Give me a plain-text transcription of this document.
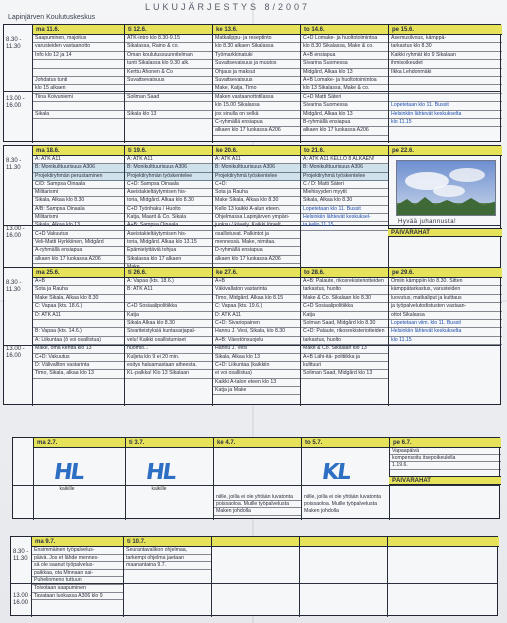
Lapinjärven Koulutuskeskus
LUKUJÄRJESTYS 8/2007
8.30 -
11.30
13.00 -
16.00
ma 11.6.
Saapuminen, majoitus
varusteiden vastaanotto
Info klo 12 ja 14

Johdatus tunti
klo 15 alkaen
Tiina Koivuniemi

Sikala
ti 12.6.
ATK-intro klo 8.30-9.15
Sikalassa, Raino & co.
Oman koulutussuunnitelman
tunti Sikalassa klo 9.30 alk.
Kerttu Ahonen & Co
Suvaitsevaisuus

Soliman Saad

Sikala klo 13
ke 13.6.
Matkalippu- ja reseptinto
klo 8.30 alkaen Sikalassa
Työmarkkinatuki
Suvaitsevaisuus ja muutos
Ohjaus ja maksut
Suvaitsevaisuus
Make, Katja, Timo
Maken vastaanottotilassa
klo 15.00 Sikalassa
jos sinulla on selkä
C-ryhmällä ensiapua
alkaen klo 17 luokassa A206
to 14.6.
C+D Lomake- ja huoltotoimintoa
klo 8.30 Sikalassa, Make & co.
A+B ensiapua
Sivarina Suomessa
Midgård, Alkaa klo 13
A+B Lomake- ja huoltotoimintoa
klo 13 Sikalassa, Make & co.
C+D Matti Säteri
Sivarina Suomessa
Midgård, Alkaa klo 13
B-ryhmällä ensiapua
alkaen klo 17 luokassa A206
pe 15.6.
Asemusilvous, kämppä-
tarkastus klo 8.30
Kaikki ryhmät klo 9 Sikalaan
ihmisoikeudet
Ilkka Lehdonmäki

Lopetetaan klo 11. Bussit
Helsinkiin lähtevät keskukselta
klo 11.15
8.30 -
11.30
13.00 -
16.00
ma 18.6.
A: ATK A11
B: Monikulttuurisuus A306
Projektiryhmän perustaminen
C/D: Sampsa Oinaala
Militarismi
Sikala, Alkaa klo 8.30
A/B: Sampsa Oinaala
Militarismi
Sikala, Alkaa klo 13
C+D Vakuutus
Veli-Matti Hyrkkiinen, Midgård
A-ryhmällä ensiapua
alkaen klo 17 luokassa A206
ti 19.6.
A: ATK A11
B: Monikulttuurisuus A306
Projektiryhmän työskentelee
C+D: Sampsa Oinaala
Aseistakieltäytymisen his-
toria, Midgård. Alkaa klo 8.30
C+D Työnhaku / Huolto
Katja, Maarit & Co. Sikala
A+B: Sampsa Oinaala
Aseistakieltäytymisen his-
toria, Midgård. Alkaa klo 13.15
Epämielyttäviä tohjua
Sikalassa klo 17 alkaen
ke 20.6.
A: ATK A11
B: Monikulttuurisuus A306
Projektiryhmä työskentelee
C+D:
Sota ja Rauha
Make Sikala, Alkaa klo 8.30
Kello 13 kaikki A-alun eteen.
Ohjelmassa Lapinjärven ympäri-
juoksu / kävely. Kaikki lörvelt
osallistuvat. Palkintot ja
mennessä. Make, nimitaa.
D-ryhmällä ensiapua
alkaen klo 17 luokassa A206
to 21.6.
A: ATK A11 KELLO 8 ALKAEN!
B: Monikulttuurisuus A306
Projektiryhmä työskentelee
C / D: Matti Säteri
Miehisyyden myytit
Sikala, Alkaa klo 8.30
Lopetetaan klo 11. Bussit
Helsinkiin lähtevät keskuksel-
ta kello 11.15
pe 22.6.
Hyvää juhannusta!
PÄIVÄRAHAT
8.30 -
11.30
13.00 -
16.00
ma 25.6.
A+B
Sota ja Rauha
Make Sikala, Alkaa klo 8.30
C: Vapaa (kts. 18.6.)
D: ATK A11

B: Vapaa (kts. 14.6.)
A: Liikuntaa (ō voi osallistua)
Make, oma kenttä klo 13
C+D: Vakuutus
D: Välivallton vastarinta
Timo, Sikala, alkaa klo 13
ti 26.6.
A: Vapaa (kts. 18.6.)
B: ATK A11

C+D Sosiaalipolitiikka
Katja
Sikala Alkaa klo 8.30
Sivariteistyksiä kuntasarjapal-
velu! Kaikki osallistumiset
huomio...
Kuljeta klo 9 ei 20 min.
esitys haluamastaan aiheesta.
KL-palkka! Klo 13 Sikalaan
ke 27.6.
A+B
Väkivallaton vastarinta
Timo, Midgård. Alkaa klo 8.15
C: Vapaa (kts. 19.6.)
D: ATK A11
C+D: Sivariopainen
Hannu J. Vesi, Sikala, klo 8.30
A+B: Väestönsuojelu
Hannu J. Vesi
Sikala, Alkaa klo 13
C+D: Liikuntaa (kaikkiin
ei voi osallistua)
Kaikki A-talon eteen klo 13
Katja ja Make
to 28.6.
A+B: Palaute, rikosrekisteriotteiden
tarkastus, huolto
Make & Co. Sikalaan klo 8.30
C+D Sosiaalipolitiikka
Katja
Solman Saad, Midgård klo 8.30
C+D: Palaute, rikosrekisteriotteiden
tarkastus, huolto
Make & Co. Sikalaan klo 13
A+B Lähi-itä- politiikka ja
kulttuuri
Soliman Saad, Midgård klo 13
pe 29.6.
Omiin kämppiin klo 8.30. Sitten
kämppätarkastus, varusteiden
luovutus, matkaliput ja kuittaus
ja työpalvelutodistusten vastaan-
ottot Sikalassa
Lopetetaan viim. klo 11. Bussit
Helsinkiin lähtevät keskukselta
klo 11.15
ma 2.7.
HL
kaikille
ti 3.7.
HL
kaikille
ke 4.7.
niille, joilla ei ole yhtään luvatonta
poissaoloa. Muille työpalvelusta
Maken johdolla
to 5.7.
KL
niille, joilla ei ole yhtään luvatonta
poissaoloa. Muille työpalvelusta
Maken johdolla
pe 6.7.
Vapaapäivä
kompensoitu itsepoikeulella
1.19.6.
PÄIVÄRAHAT
8.30 -
11.30
13.00 -
16.00
ma 9.7.
Ensimmäinen työpalvelus-
päivä. Jos et lähde mennes-
sä ole saanut työpalvelus-
paikkaa, ota Minnaan sai-
Puhelinmeno tuttuun
Toivotaan saapuminen
Tavataan luokassa A306 klo 9
ti 10.7.
Seurantavalikon ohjelmaa,
tarkempi ohjelma jaetaan
maanantaina 9.7.
